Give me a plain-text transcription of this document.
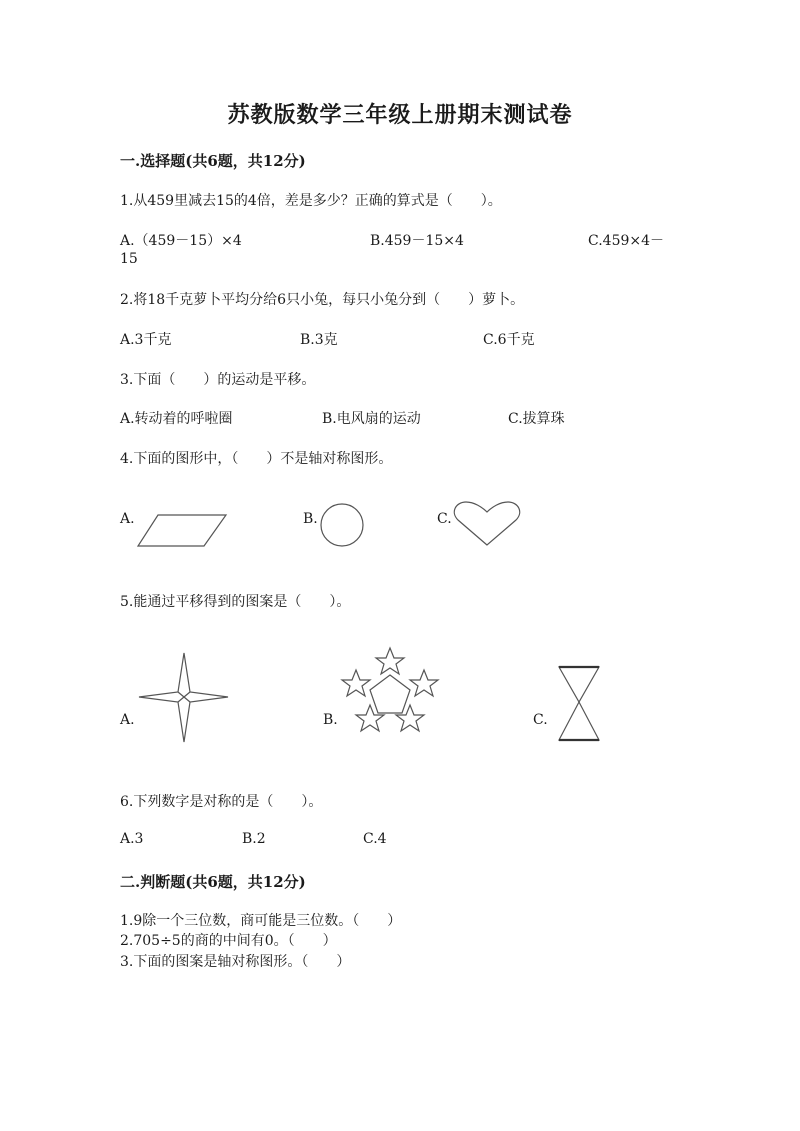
苏教版数学三年级上册期末测试卷
一.选择题(共6题，共12分)
1.从459里减去15的4倍，差是多少？正确的算式是（　　）。
A.（459－15）×4	B.459－15×4	C.459×4－
15
2.将18千克萝卜平均分给6只小兔，每只小兔分到（　　）萝卜。
A.3千克	B.3克	C.6千克
3.下面（　　）的运动是平移。
A.转动着的呼啦圈	B.电风扇的运动	C.拔算珠
4.下面的图形中，（　　）不是轴对称图形。
A.	B.	C.
5.能通过平移得到的图案是（　　）。
A.	B.	C.
6.下列数字是对称的是（　　）。
A.3	B.2	C.4
二.判断题(共6题，共12分)
1.9除一个三位数，商可能是三位数。（　　）
2.705÷5的商的中间有0。（　　）
3.下面的图案是轴对称图形。（　　）
